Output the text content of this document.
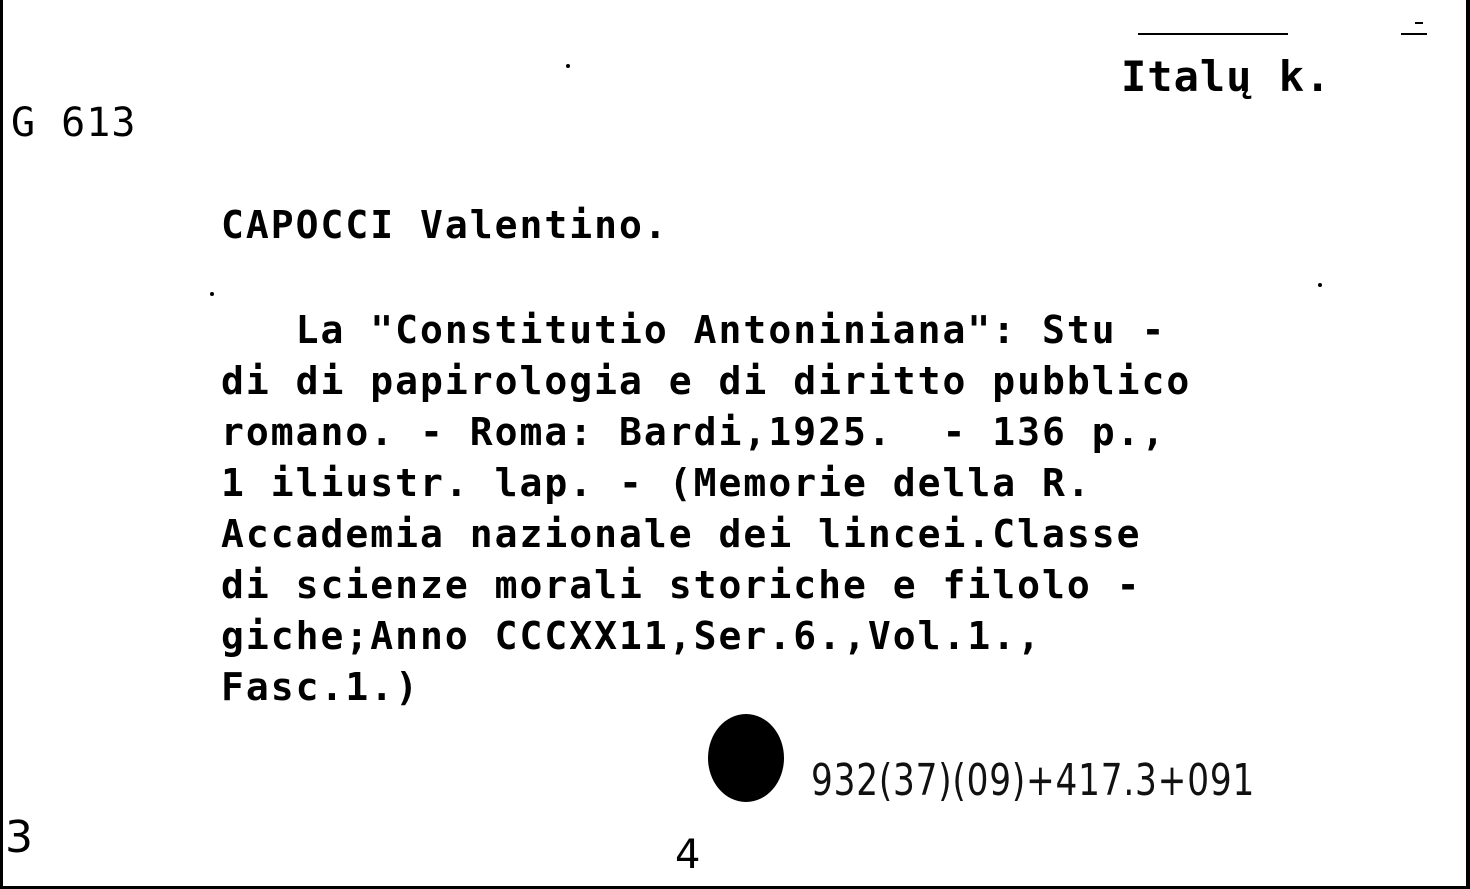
G 613
Italų k.
CAPOCCI Valentino.
La "Constitutio Antoniniana": Stu -
di di papirologia e di diritto pubblico
romano. - Roma: Bardi,1925.  - 136 p.,
1 iliustr. lap. - (Memorie della R.
Accademia nazionale dei lincei.Classe
di scienze morali storiche e filolo -
giche;Anno CCCXX11,Ser.6.,Vol.1.,
Fasc.1.)
932(37)(09)+417.3+091
3	4
